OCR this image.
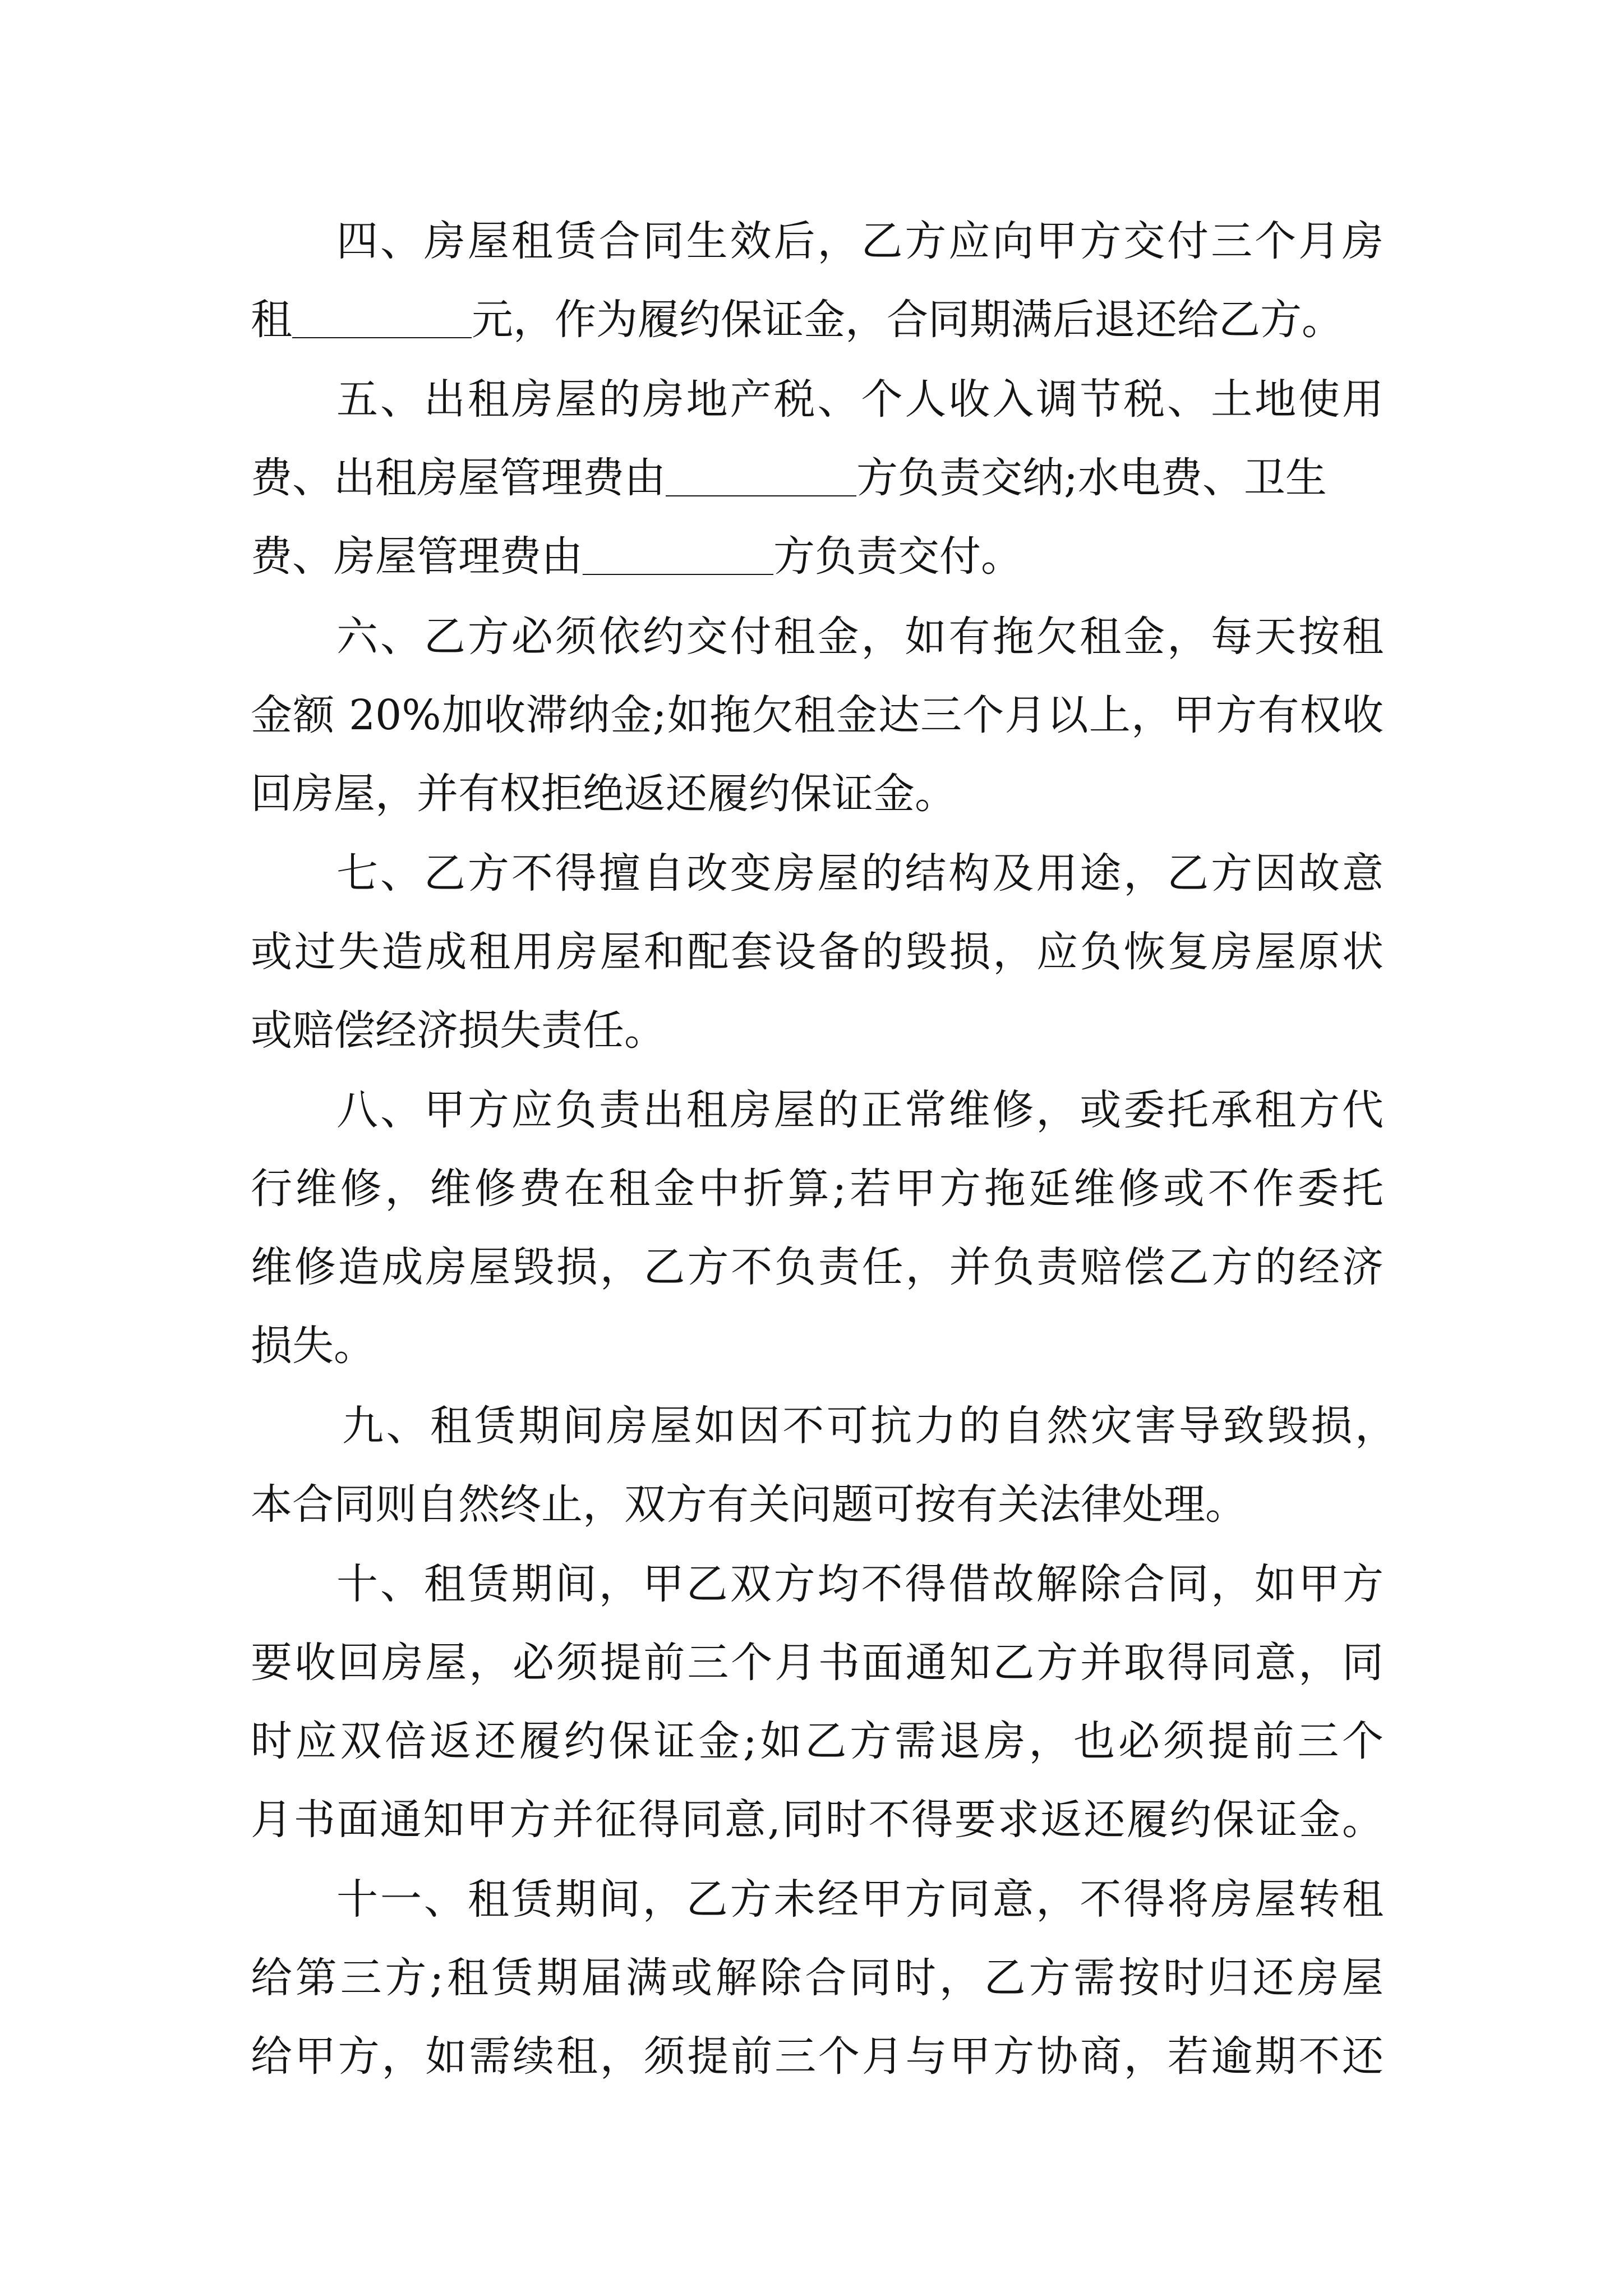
四、房屋租赁合同生效后，乙方应向甲方交付三个月房
租	元，作为履约保证金，合同期满后退还给乙方。
五、出租房屋的房地产税、个人收入调节税、土地使用
费、出租房屋管理费由	方负责交纳;水电费、卫生
费、房屋管理费由	方负责交付。
六、乙方必须依约交付租金，如有拖欠租金，每天按租
金额 20%加收滞纳金;如拖欠租金达三个月以上，甲方有权收
回房屋，并有权拒绝返还履约保证金。
七、乙方不得擅自改变房屋的结构及用途，乙方因故意
或过失造成租用房屋和配套设备的毁损，应负恢复房屋原状
或赔偿经济损失责任。
八、甲方应负责出租房屋的正常维修，或委托承租方代
行维修，维修费在租金中折算;若甲方拖延维修或不作委托
维修造成房屋毁损，乙方不负责任，并负责赔偿乙方的经济
损失。
九、租赁期间房屋如因不可抗力的自然灾害导致毁损，
本合同则自然终止，双方有关问题可按有关法律处理。
十、租赁期间，甲乙双方均不得借故解除合同，如甲方
要收回房屋，必须提前三个月书面通知乙方并取得同意，同
时应双倍返还履约保证金;如乙方需退房，也必须提前三个
月书面通知甲方并征得同意,同时不得要求返还履约保证金。
十一、租赁期间，乙方未经甲方同意，不得将房屋转租
给第三方;租赁期届满或解除合同时，乙方需按时归还房屋
给甲方，如需续租，须提前三个月与甲方协商，若逾期不还
